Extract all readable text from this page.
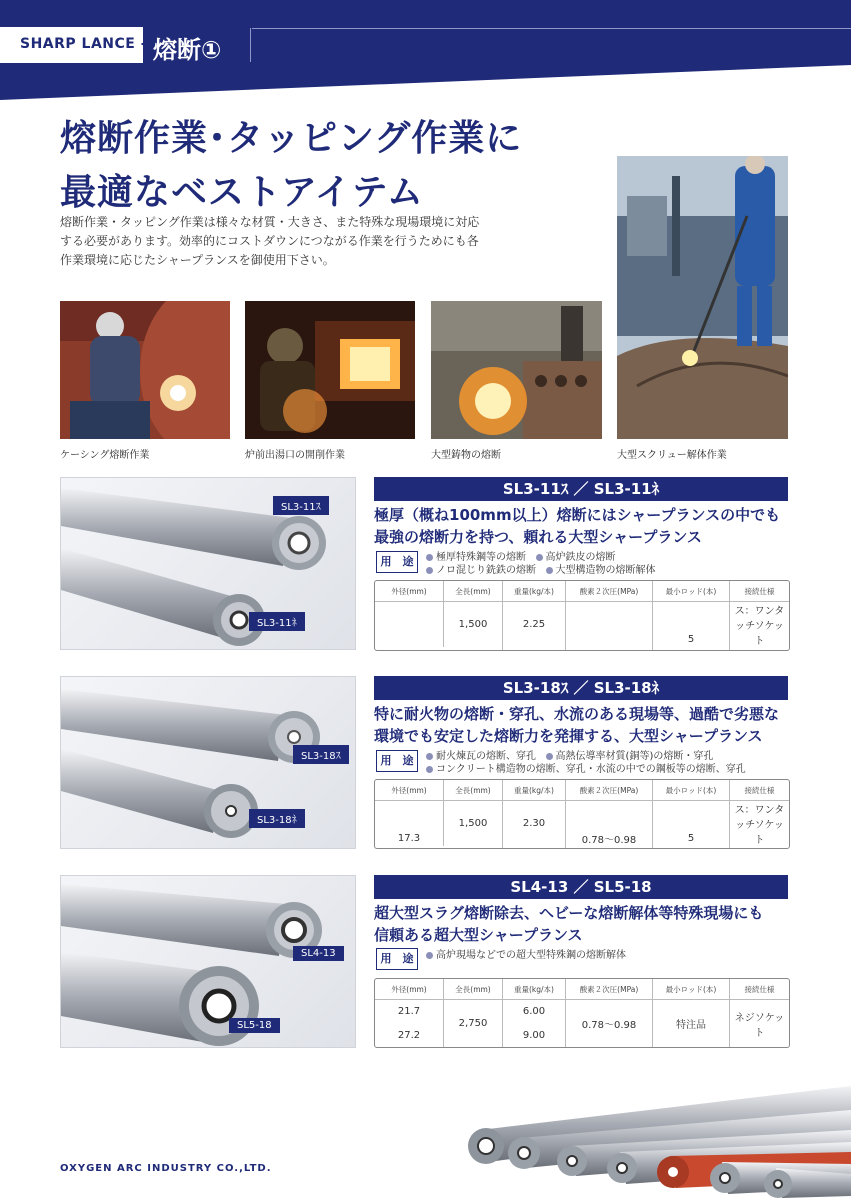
SHARP LANCE -1
熔断①
熔断作業･タッピング作業に
最適なベストアイテム
熔断作業・タッピング作業は様々な材質・大きさ、また特殊な現場環境に対応する必要があります。効率的にコストダウンにつながる作業を行うためにも各作業環境に応じたシャープランスを御使用下さい。
ケーシング熔断作業	炉前出湯口の開削作業	大型鋳物の熔断	大型スクリュー解体作業
SL3-11ｽ
SL3-11ﾈ
SL3-11ｽ ／ SL3-11ﾈ
極厚（概ね100mm以上）熔断にはシャープランスの中でも
最強の熔断力を持つ、頼れる大型シャープランス
用　途	極厚特殊鋼等の熔断 高炉鉄皮の熔断
ノロ混じり銑鉄の熔断 大型構造物の熔断解体
外径(mm)	全長(mm)	重量(kg/本)	酸素２次圧(MPa)	最小ロッド(本)	接続仕様
	1,500	2.25		5	ス：ワンタッチソケット

SL3-18ｽ
SL3-18ﾈ
SL3-18ｽ ／ SL3-18ﾈ
特に耐火物の熔断・穿孔、水流のある現場等、過酷で劣悪な
環境でも安定した熔断力を発揮する、大型シャープランス
用　途	耐火煉瓦の熔断、穿孔 高熱伝導率材質(銅等)の熔断・穿孔
コンクリート構造物の熔断、穿孔・水流の中での鋼板等の熔断、穿孔
外径(mm)	全長(mm)	重量(kg/本)	酸素２次圧(MPa)	最小ロッド(本)	接続仕様
17.3	1,500	2.30	0.78～0.98	5	ス：ワンタッチソケット

SL4-13
SL5-18
SL4-13 ／ SL5-18
超大型スラグ熔断除去、ヘビーな熔断解体等特殊現場にも
信頼ある超大型シャープランス
用　途	高炉現場などでの超大型特殊鋼の熔断解体
外径(mm)	全長(mm)	重量(kg/本)	酸素２次圧(MPa)	最小ロッド(本)	接続仕様
21.7	2,750	6.00	0.78～0.98	特注品	ネジソケット
27.2		9.00			
OXYGEN ARC INDUSTRY CO.,LTD.
